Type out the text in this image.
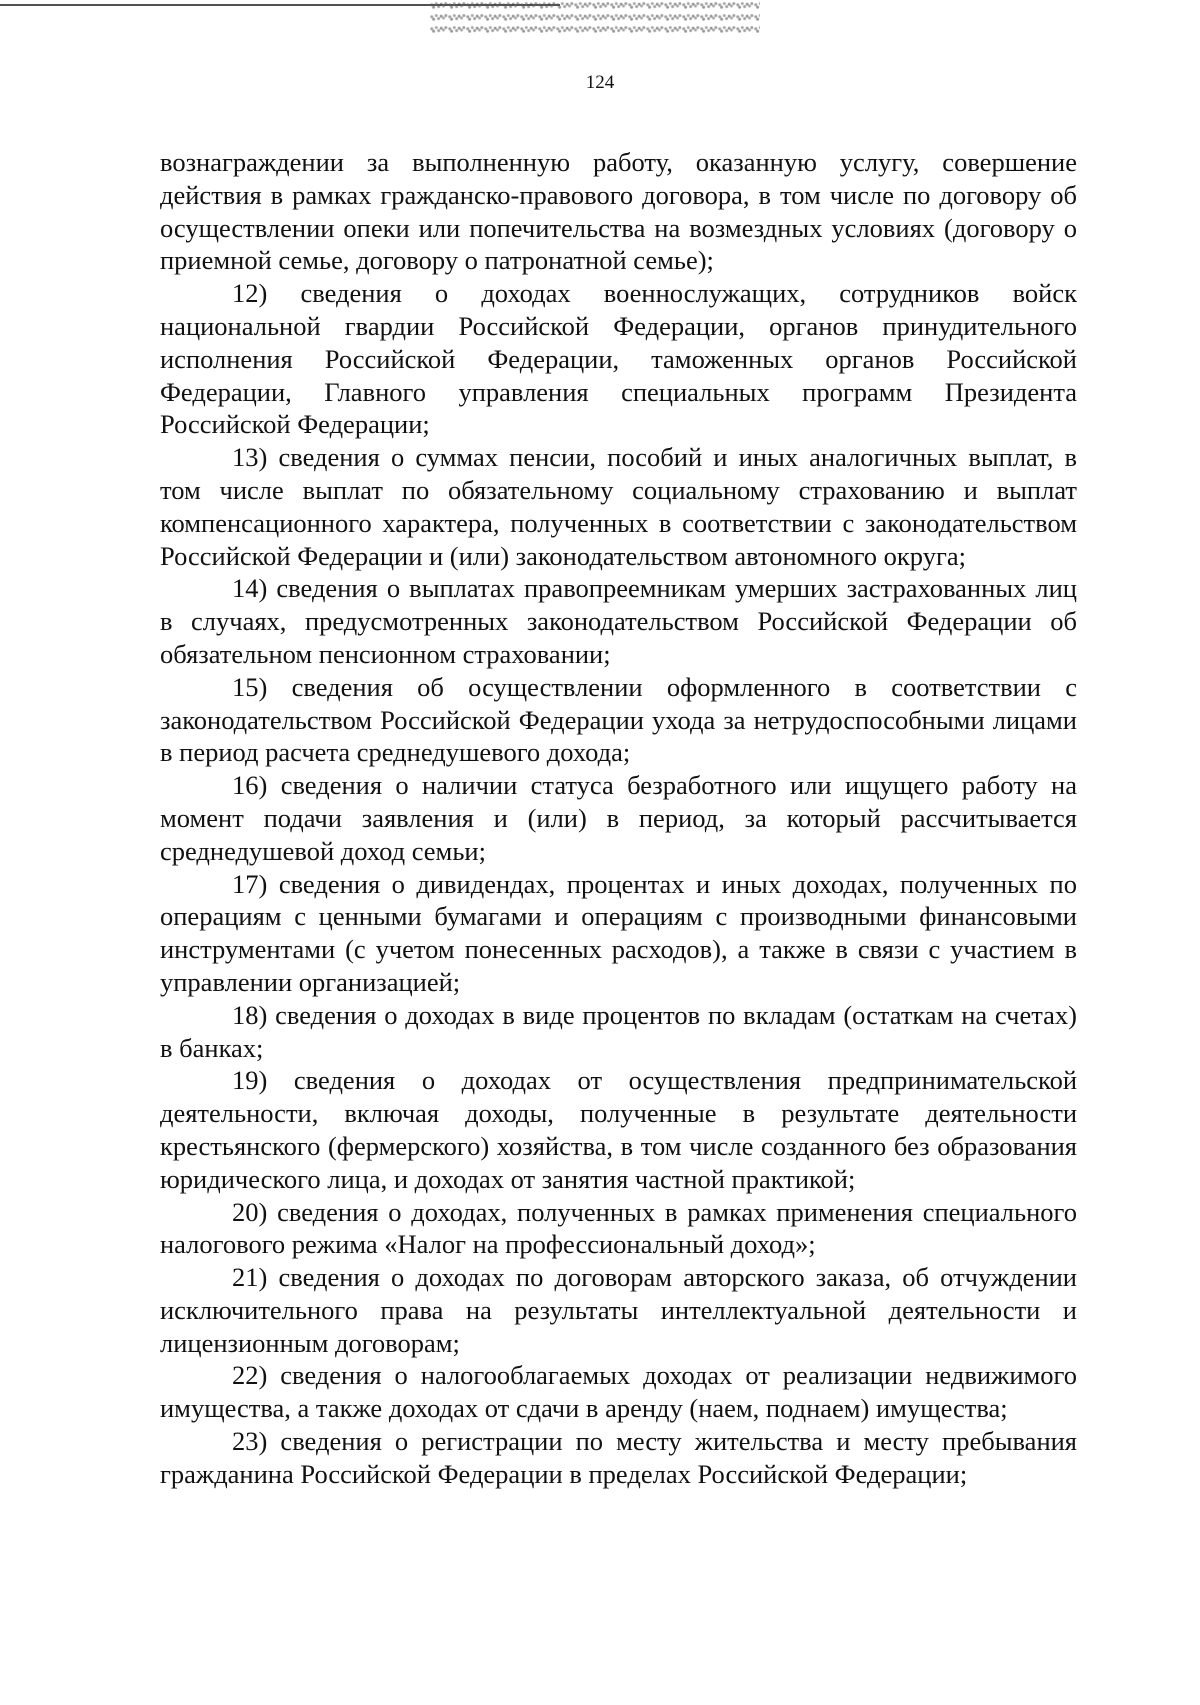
124

вознаграждении за выполненную работу, оказанную услугу, совершение действия в рамках гражданско-правового договора, в том числе по договору об осуществлении опеки или попечительства на возмездных условиях (договору о приемной семье, договору о патронатной семье);

12) сведения о доходах военнослужащих, сотрудников войск национальной гвардии Российской Федерации, органов принудительного исполнения Российской Федерации, таможенных органов Российской Федерации, Главного управления специальных программ Президента Российской Федерации;

13) сведения о суммах пенсии, пособий и иных аналогичных выплат, в том числе выплат по обязательному социальному страхованию и выплат компенсационного характера, полученных в соответствии с законодательством Российской Федерации и (или) законодательством автономного округа;

14) сведения о выплатах правопреемникам умерших застрахованных лиц в случаях, предусмотренных законодательством Российской Федерации об обязательном пенсионном страховании;

15) сведения об осуществлении оформленного в соответствии с законодательством Российской Федерации ухода за нетрудоспособными лицами в период расчета среднедушевого дохода;

16) сведения о наличии статуса безработного или ищущего работу на момент подачи заявления и (или) в период, за который рассчитывается среднедушевой доход семьи;

17) сведения о дивидендах, процентах и иных доходах, полученных по операциям с ценными бумагами и операциям с производными финансовыми инструментами (с учетом понесенных расходов), а также в связи с участием в управлении организацией;

18) сведения о доходах в виде процентов по вкладам (остаткам на счетах) в банках;

19) сведения о доходах от осуществления предпринимательской деятельности, включая доходы, полученные в результате деятельности крестьянского (фермерского) хозяйства, в том числе созданного без образования юридического лица, и доходах от занятия частной практикой;

20) сведения о доходах, полученных в рамках применения специального налогового режима «Налог на профессиональный доход»;

21) сведения о доходах по договорам авторского заказа, об отчуждении исключительного права на результаты интеллектуальной деятельности и лицензионным договорам;

22) сведения о налогооблагаемых доходах от реализации недвижимого имущества, а также доходах от сдачи в аренду (наем, поднаем) имущества;

23) сведения о регистрации по месту жительства и месту пребывания гражданина Российской Федерации в пределах Российской Федерации;
